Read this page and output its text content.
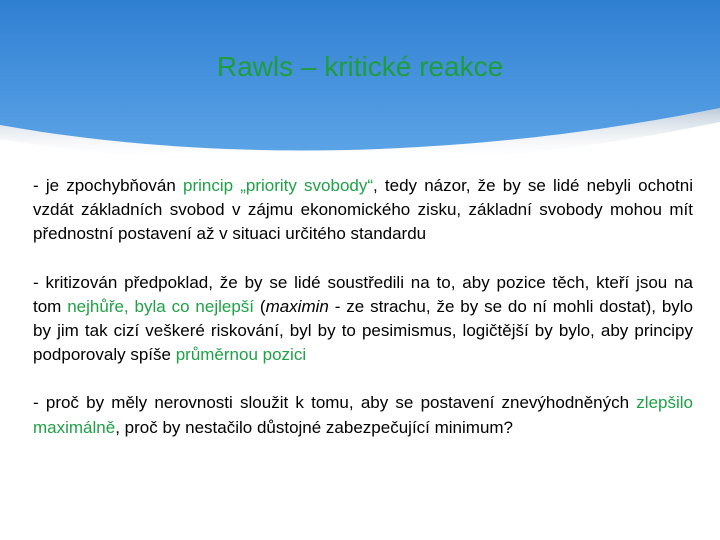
Rawls – kritické reakce

- je zpochybňován princip „priority svobody“, tedy názor, že by se lidé nebyli ochotni vzdát základních svobod v zájmu ekonomického zisku, základní svobody mohou mít přednostní postavení až v situaci určitého standardu

- kritizován předpoklad, že by se lidé soustředili na to, aby pozice těch, kteří jsou na tom nejhůře, byla co nejlepší (maximin - ze strachu, že by se do ní mohli dostat), bylo by jim tak cizí veškeré riskování, byl by to pesimismus, logičtější by bylo, aby principy podporovaly spíše průměrnou pozici

- proč by měly nerovnosti sloužit k tomu, aby se postavení znevýhodněných zlepšilo maximálně, proč by nestačilo důstojné zabezpečující minimum?
